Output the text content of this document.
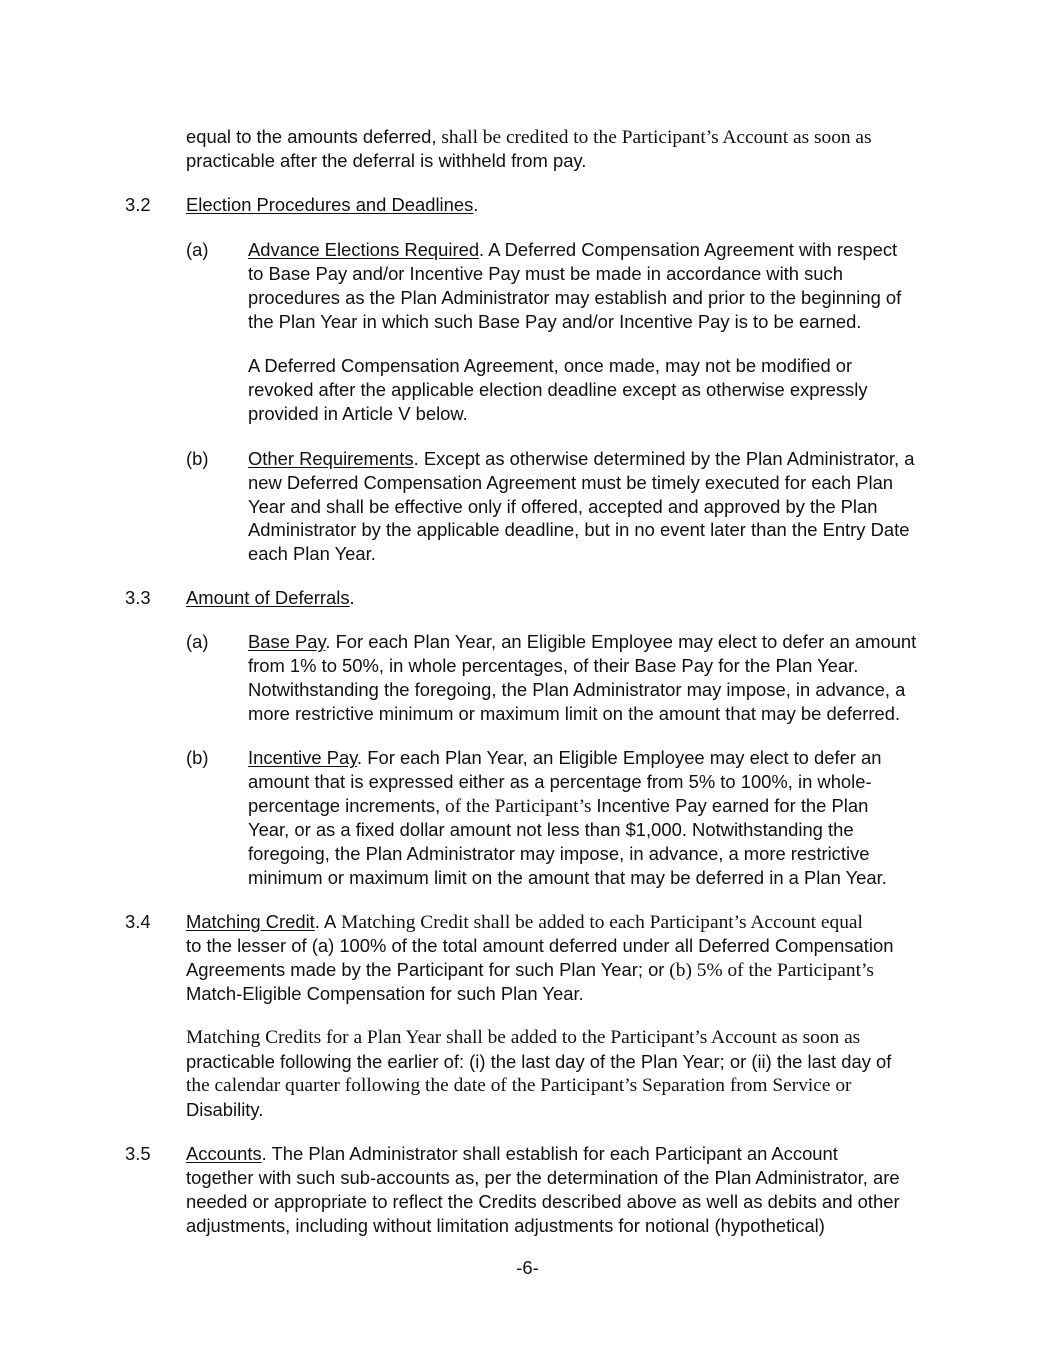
equal to the amounts deferred, shall be credited to the Participant’s Account as soon as
practicable after the deferral is withheld from pay.
3.2 Election Procedures and Deadlines.
(a) Advance Elections Required. A Deferred Compensation Agreement with respect
to Base Pay and/or Incentive Pay must be made in accordance with such
procedures as the Plan Administrator may establish and prior to the beginning of
the Plan Year in which such Base Pay and/or Incentive Pay is to be earned.
A Deferred Compensation Agreement, once made, may not be modified or
revoked after the applicable election deadline except as otherwise expressly
provided in Article V below.
(b) Other Requirements. Except as otherwise determined by the Plan Administrator, a
new Deferred Compensation Agreement must be timely executed for each Plan
Year and shall be effective only if offered, accepted and approved by the Plan
Administrator by the applicable deadline, but in no event later than the Entry Date
each Plan Year.
3.3 Amount of Deferrals.
(a) Base Pay. For each Plan Year, an Eligible Employee may elect to defer an amount
from 1% to 50%, in whole percentages, of their Base Pay for the Plan Year.
Notwithstanding the foregoing, the Plan Administrator may impose, in advance, a
more restrictive minimum or maximum limit on the amount that may be deferred.
(b) Incentive Pay. For each Plan Year, an Eligible Employee may elect to defer an
amount that is expressed either as a percentage from 5% to 100%, in whole-
percentage increments, of the Participant’s Incentive Pay earned for the Plan
Year, or as a fixed dollar amount not less than $1,000. Notwithstanding the
foregoing, the Plan Administrator may impose, in advance, a more restrictive
minimum or maximum limit on the amount that may be deferred in a Plan Year.
3.4 Matching Credit. A Matching Credit shall be added to each Participant’s Account equal
to the lesser of (a) 100% of the total amount deferred under all Deferred Compensation
Agreements made by the Participant for such Plan Year; or (b) 5% of the Participant’s
Match-Eligible Compensation for such Plan Year.
Matching Credits for a Plan Year shall be added to the Participant’s Account as soon as
practicable following the earlier of: (i) the last day of the Plan Year; or (ii) the last day of
the calendar quarter following the date of the Participant’s Separation from Service or
Disability.
3.5 Accounts. The Plan Administrator shall establish for each Participant an Account
together with such sub-accounts as, per the determination of the Plan Administrator, are
needed or appropriate to reflect the Credits described above as well as debits and other
adjustments, including without limitation adjustments for notional (hypothetical)
-6-
